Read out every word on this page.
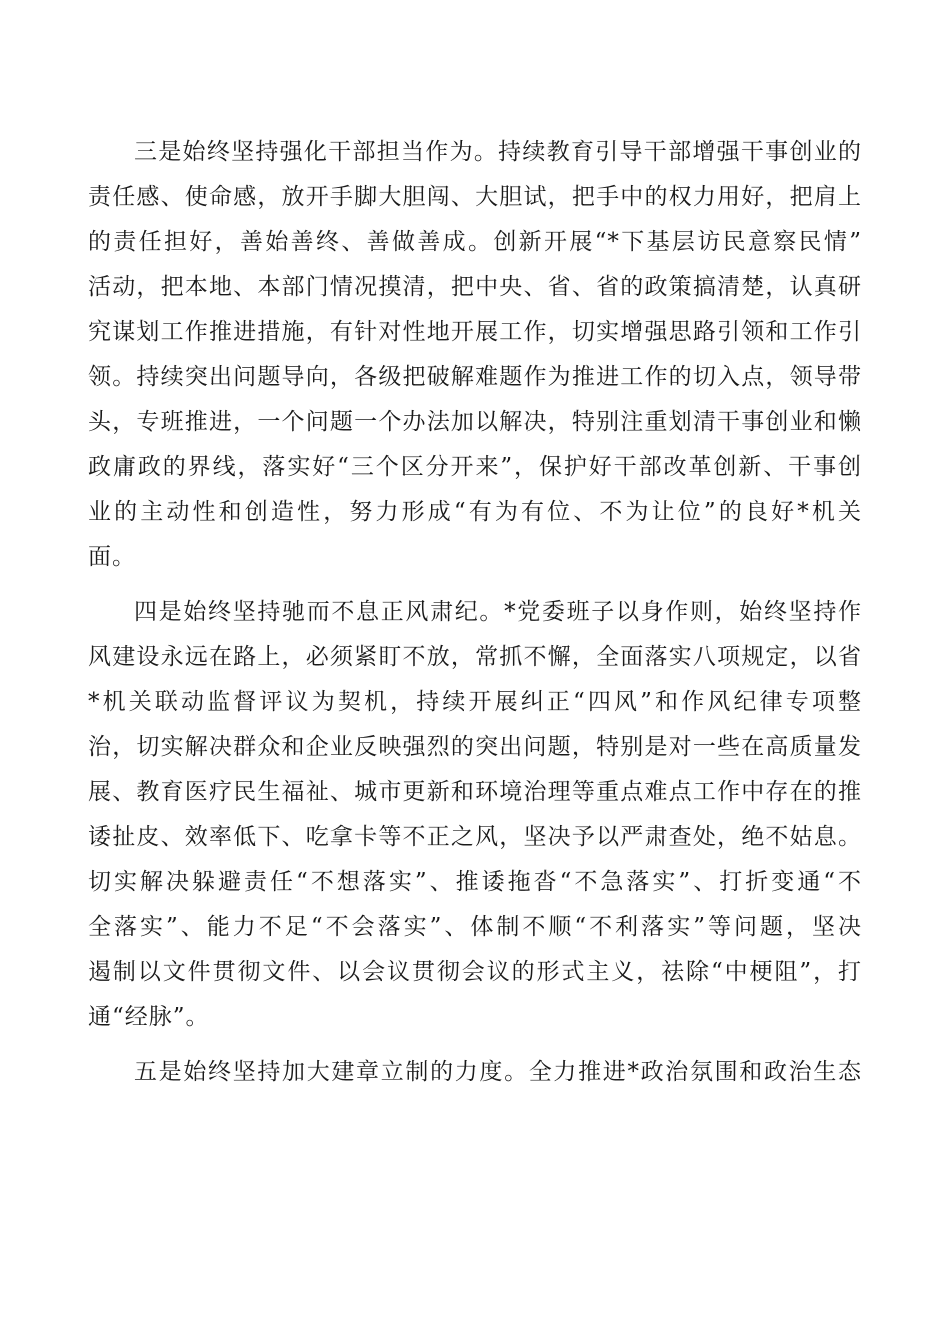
三是始终坚持强化干部担当作为。持续教育引导干部增强干事创业的
责任感、使命感，放开手脚大胆闯、大胆试，把手中的权力用好，把肩上
的责任担好，善始善终、善做善成。创新开展“*下基层访民意察民情”
活动，把本地、本部门情况摸清，把中央、省、省的政策搞清楚，认真研
究谋划工作推进措施，有针对性地开展工作，切实增强思路引领和工作引
领。持续突出问题导向，各级把破解难题作为推进工作的切入点，领导带
头，专班推进，一个问题一个办法加以解决，特别注重划清干事创业和懒
政庸政的界线，落实好“三个区分开来”，保护好干部改革创新、干事创
业的主动性和创造性，努力形成“有为有位、不为让位”的良好*机关
面。
四是始终坚持驰而不息正风肃纪。*党委班子以身作则，始终坚持作
风建设永远在路上，必须紧盯不放，常抓不懈，全面落实八项规定，以省
*机关联动监督评议为契机，持续开展纠正“四风”和作风纪律专项整
治，切实解决群众和企业反映强烈的突出问题，特别是对一些在高质量发
展、教育医疗民生福祉、城市更新和环境治理等重点难点工作中存在的推
诿扯皮、效率低下、吃拿卡等不正之风，坚决予以严肃查处，绝不姑息。
切实解决躲避责任“不想落实”、推诿拖沓“不急落实”、打折变通“不
全落实”、能力不足“不会落实”、体制不顺“不利落实”等问题，坚决
遏制以文件贯彻文件、以会议贯彻会议的形式主义，祛除“中梗阻”，打
通“经脉”。
五是始终坚持加大建章立制的力度。全力推进*政治氛围和政治生态
